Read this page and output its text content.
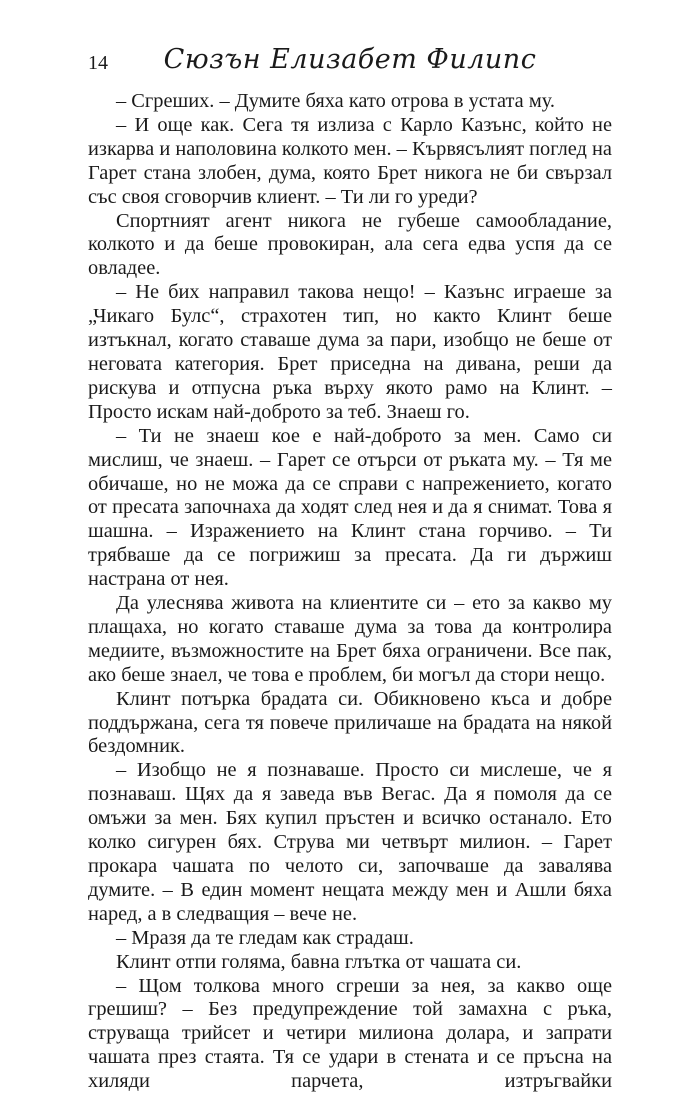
14	Сюзън Елизабет Филипс

– Сгреших. – Думите бяха като отрова в устата му.

– И още как. Сега тя излиза с Карло Казънс, който не изкарва и наполовина колкото мен. – Кървясълият поглед на Гарет стана злобен, дума, която Брет никога не би свързал със своя сговорчив клиент. – Ти ли го уреди?

Спортният агент никога не губеше самообладание, колкото и да беше провокиран, ала сега едва успя да се овладее.

– Не бих направил такова нещо! – Казънс играеше за „Чикаго Булс“, страхотен тип, но както Клинт беше изтъкнал, когато ставаше дума за пари, изобщо не беше от неговата категория. Брет приседна на дивана, реши да рискува и отпусна ръка върху якото рамо на Клинт. – Просто искам най-доброто за теб. Знаеш го.

– Ти не знаеш кое е най-доброто за мен. Само си мислиш, че знаеш. – Гарет се отърси от ръката му. – Тя ме обичаше, но не можа да се справи с напрежението, когато от пресата започнаха да ходят след нея и да я снимат. Това я шашна. – Изражението на Клинт стана горчиво. – Ти трябваше да се погрижиш за пресата. Да ги държиш настрана от нея.

Да улеснява живота на клиентите си – ето за какво му плащаха, но когато ставаше дума за това да контролира медиите, възможностите на Брет бяха ограничени. Все пак, ако беше знаел, че това е проблем, би могъл да стори нещо.

Клинт потърка брадата си. Обикновено къса и добре поддържана, сега тя повече приличаше на брадата на някой бездомник.

– Изобщо не я познаваше. Просто си мислеше, че я познаваш. Щях да я заведа във Вегас. Да я помоля да се омъжи за мен. Бях купил пръстен и всичко останало. Ето колко сигурен бях. Струва ми четвърт милион. – Гарет прокара чашата по челото си, започваше да завалява думите. – В един момент нещата между мен и Ашли бяха наред, а в следващия – вече не.

– Мразя да те гледам как страдаш.

Клинт отпи голяма, бавна глътка от чашата си.

– Щом толкова много сгреши за нея, за какво още грешиш? – Без предупреждение той замахна с ръка, струваща трийсет и четири милиона долара, и запрати чашата през стаята. Тя се удари в стената и се пръсна на хиляди парчета, изтръгвайки
